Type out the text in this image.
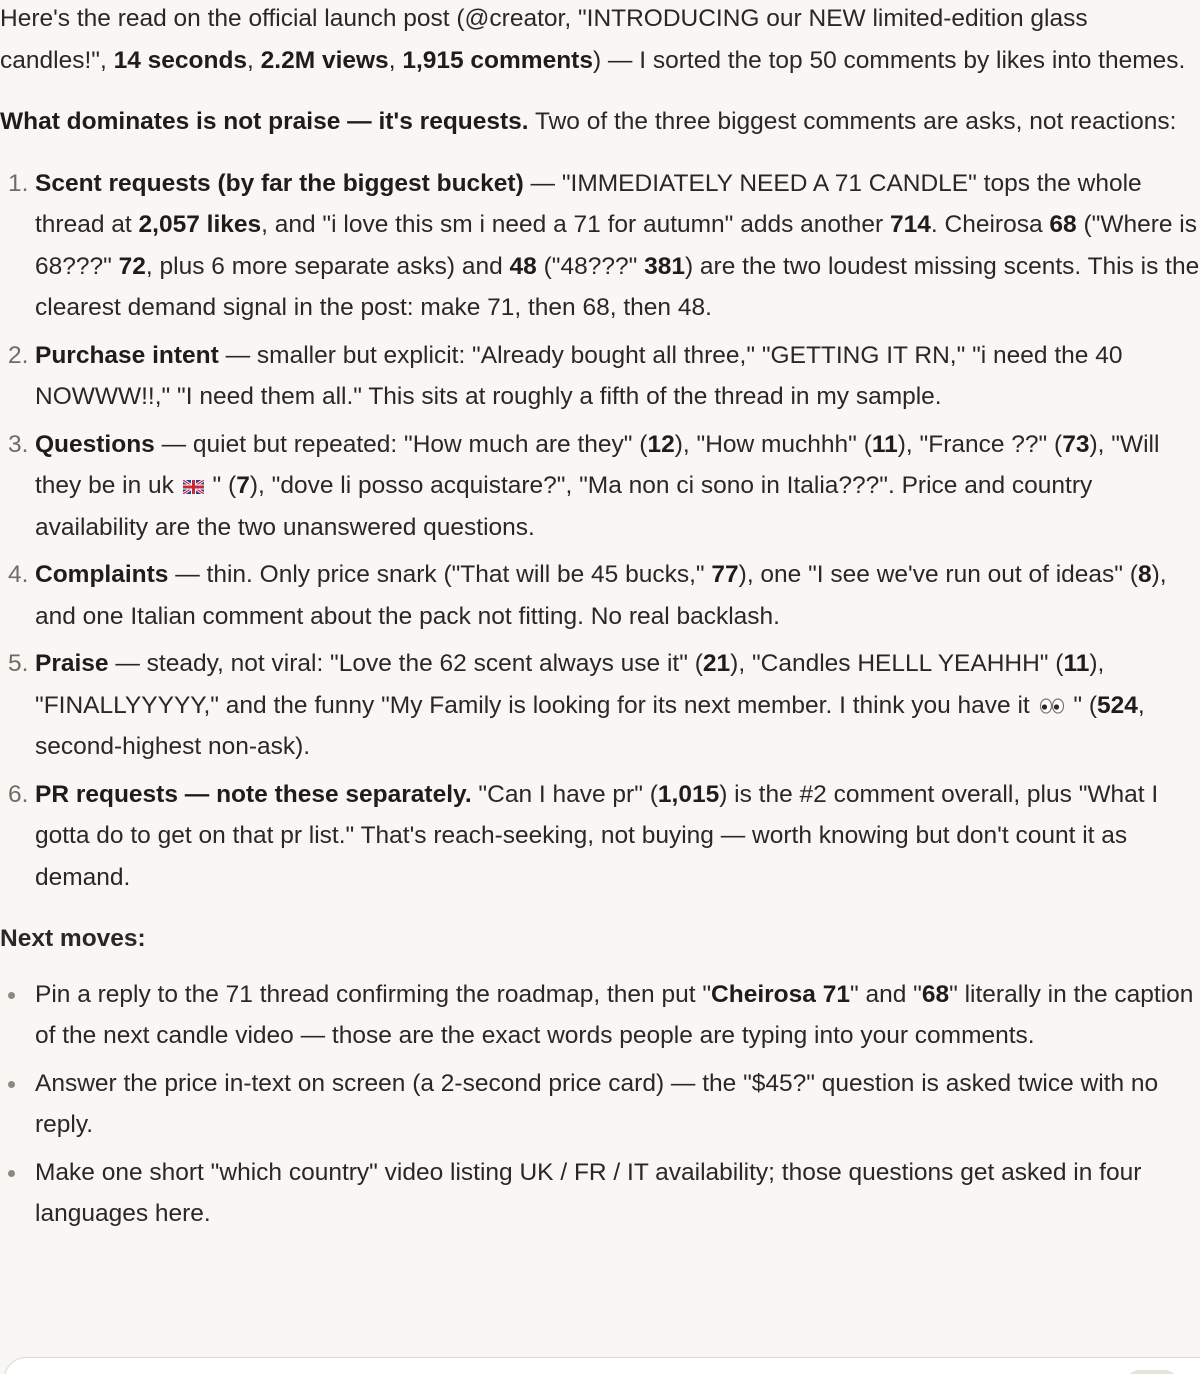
Here's the read on the official launch post (@creator, "INTRODUCING our NEW limited-edition glass candles!", 14 seconds, 2.2M views, 1,915 comments) — I sorted the top 50 comments by likes into themes.

What dominates is not praise — it's requests. Two of the three biggest comments are asks, not reactions:

1. Scent requests (by far the biggest bucket) — "IMMEDIATELY NEED A 71 CANDLE" tops the whole thread at 2,057 likes, and "i love this sm i need a 71 for autumn" adds another 714. Cheirosa 68 ("Where is 68???" 72, plus 6 more separate asks) and 48 ("48???" 381) are the two loudest missing scents. This is the clearest demand signal in the post: make 71, then 68, then 48.
2. Purchase intent — smaller but explicit: "Already bought all three," "GETTING IT RN," "i need the 40 NOWWW!!," "I need them all." This sits at roughly a fifth of the thread in my sample.
3. Questions — quiet but repeated: "How much are they" (12), "How muchhh" (11), "France ??" (73), "Will they be in uk  " (7), "dove li posso acquistare?", "Ma non ci sono in Italia???". Price and country availability are the two unanswered questions.
4. Complaints — thin. Only price snark ("That will be 45 bucks," 77), one "I see we've run out of ideas" (8), and one Italian comment about the pack not fitting. No real backlash.
5. Praise — steady, not viral: "Love the 62 scent always use it" (21), "Candles HELLL YEAHHH" (11), "FINALLYYYYY," and the funny "My Family is looking for its next member. I think you have it  " (524, second-highest non-ask).
6. PR requests — note these separately. "Can I have pr" (1,015) is the #2 comment overall, plus "What I gotta do to get on that pr list." That's reach-seeking, not buying — worth knowing but don't count it as demand.

Next moves:

Pin a reply to the 71 thread confirming the roadmap, then put "Cheirosa 71" and "68" literally in the caption of the next candle video — those are the exact words people are typing into your comments.
Answer the price in-text on screen (a 2-second price card) — the "$45?" question is asked twice with no reply.
Make one short "which country" video listing UK / FR / IT availability; those questions get asked in four languages here.
